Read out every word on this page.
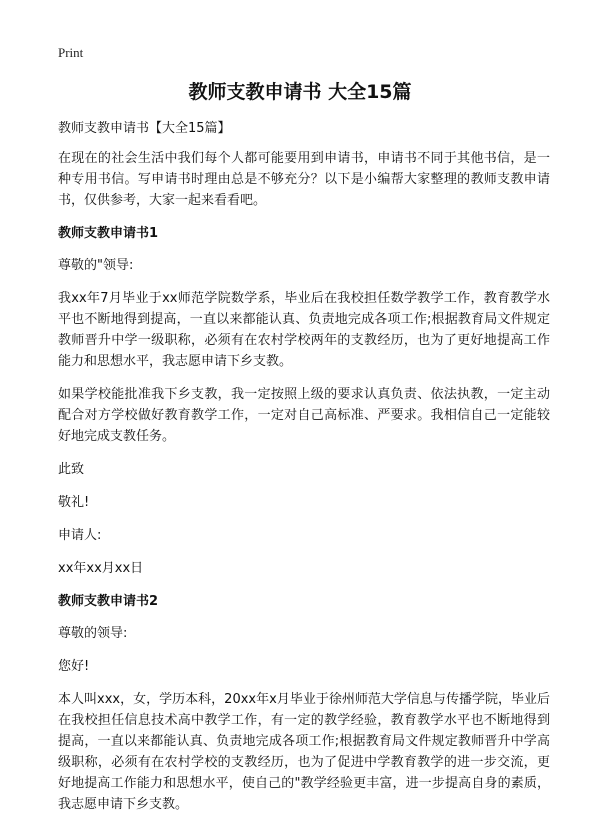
Print
教师支教申请书 大全15篇

教师支教申请书【大全15篇】

在现在的社会生活中我们每个人都可能要用到申请书，申请书不同于其他书信，是一种专用书信。写申请书时理由总是不够充分？以下是小编帮大家整理的教师支教申请书，仅供参考，大家一起来看看吧。

教师支教申请书1

尊敬的"领导:

我xx年7月毕业于xx师范学院数学系，毕业后在我校担任数学教学工作，教育教学水平也不断地得到提高，一直以来都能认真、负责地完成各项工作;根据教育局文件规定教师晋升中学一级职称，必须有在农村学校两年的支教经历，也为了更好地提高工作能力和思想水平，我志愿申请下乡支教。

如果学校能批准我下乡支教，我一定按照上级的要求认真负责、依法执教，一定主动配合对方学校做好教育教学工作，一定对自己高标准、严要求。我相信自己一定能较好地完成支教任务。

此致

敬礼!

申请人:

xx年xx月xx日

教师支教申请书2

尊敬的领导:

您好!

本人叫xxx，女，学历本科，20xx年x月毕业于徐州师范大学信息与传播学院，毕业后在我校担任信息技术高中教学工作，有一定的教学经验，教育教学水平也不断地得到提高，一直以来都能认真、负责地完成各项工作;根据教育局文件规定教师晋升中学高级职称，必须有在农村学校的支教经历，也为了促进中学教育教学的进一步交流，更好地提高工作能力和思想水平，使自己的"教学经验更丰富，进一步提高自身的素质，我志愿申请下乡支教。
